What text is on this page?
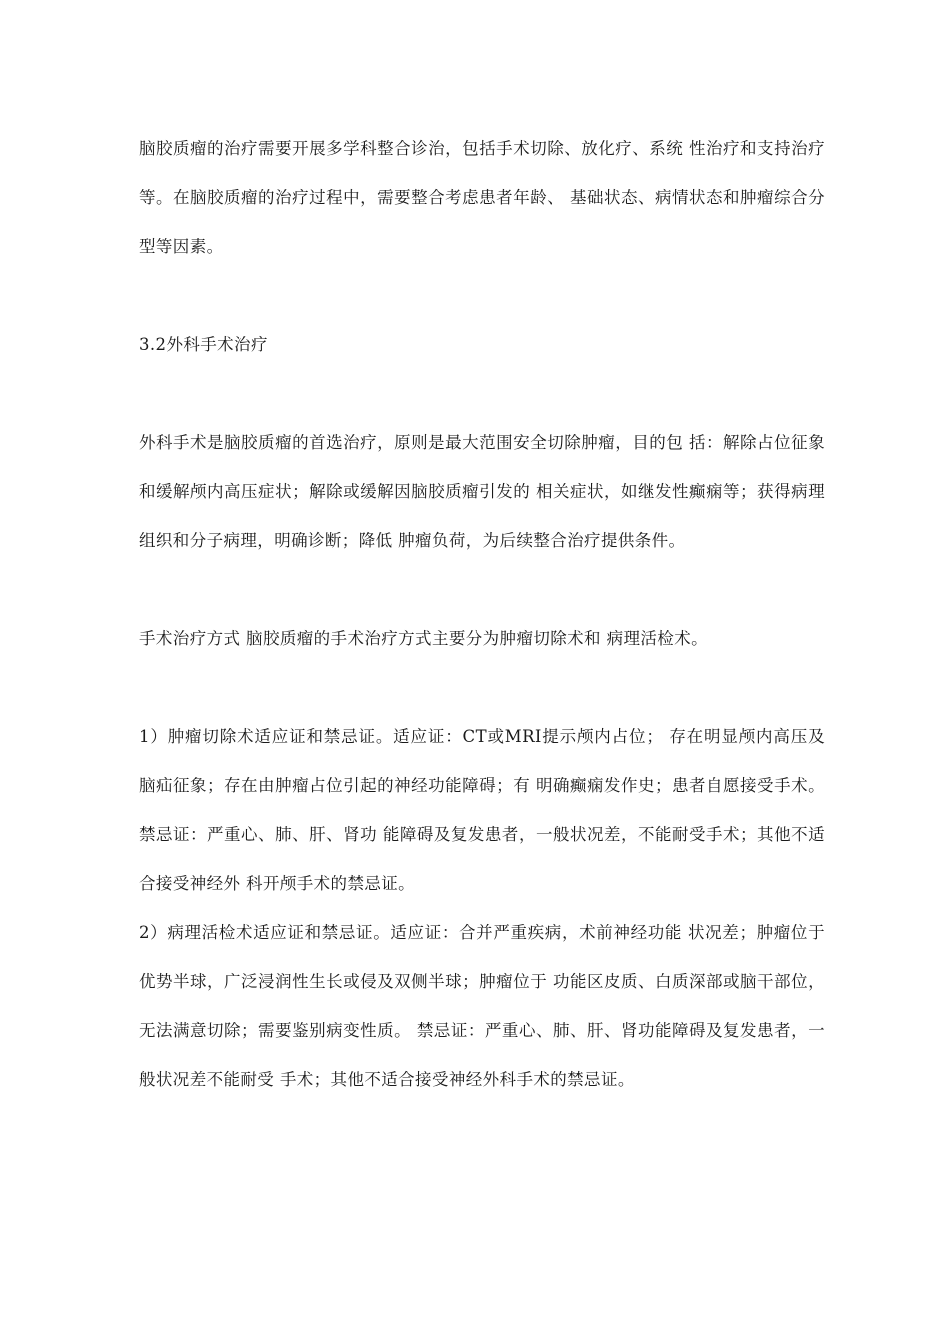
脑胶质瘤的治疗需要开展多学科整合诊治，包括手术切除、放化疗、系统 性治疗和支持治疗等。在脑胶质瘤的治疗过程中，需要整合考虑患者年龄、 基础状态、病情状态和肿瘤综合分型等因素。

3.2外科手术治疗

外科手术是脑胶质瘤的首选治疗，原则是最大范围安全切除肿瘤，目的包 括：解除占位征象和缓解颅内高压症状；解除或缓解因脑胶质瘤引发的 相关症状，如继发性癫痫等；获得病理组织和分子病理，明确诊断；降低 肿瘤负荷，为后续整合治疗提供条件。

手术治疗方式 脑胶质瘤的手术治疗方式主要分为肿瘤切除术和 病理活检术。

1）肿瘤切除术适应证和禁忌证。适应证：CT或MRI提示颅内占位； 存在明显颅内高压及脑疝征象；存在由肿瘤占位引起的神经功能障碍；有 明确癫痫发作史；患者自愿接受手术。禁忌证：严重心、肺、肝、肾功 能障碍及复发患者，一般状况差，不能耐受手术；其他不适合接受神经外 科开颅手术的禁忌证。

2）病理活检术适应证和禁忌证。适应证：合并严重疾病，术前神经功能 状况差；肿瘤位于优势半球，广泛浸润性生长或侵及双侧半球；肿瘤位于 功能区皮质、白质深部或脑干部位，无法满意切除；需要鉴别病变性质。 禁忌证：严重心、肺、肝、肾功能障碍及复发患者，一般状况差不能耐受 手术；其他不适合接受神经外科手术的禁忌证。
